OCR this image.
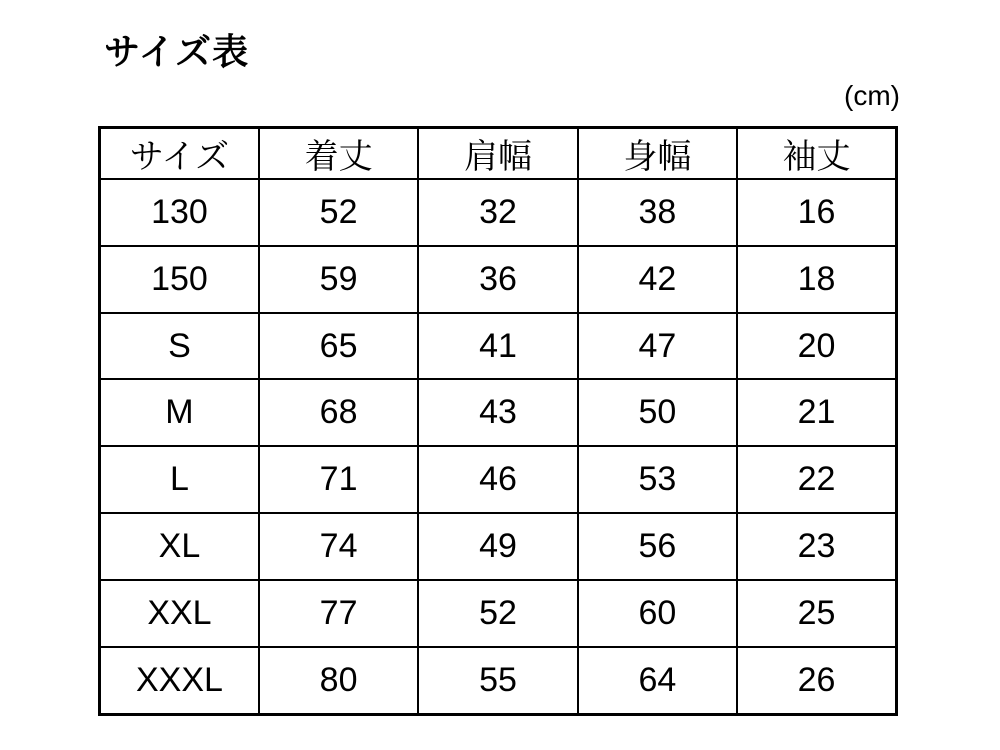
サイズ表
(cm)
サイズ	着丈	肩幅	身幅	袖丈
130	52	32	38	16
150	59	36	42	18
S	65	41	47	20
M	68	43	50	21
L	71	46	53	22
XL	74	49	56	23
XXL	77	52	60	25
XXXL	80	55	64	26
